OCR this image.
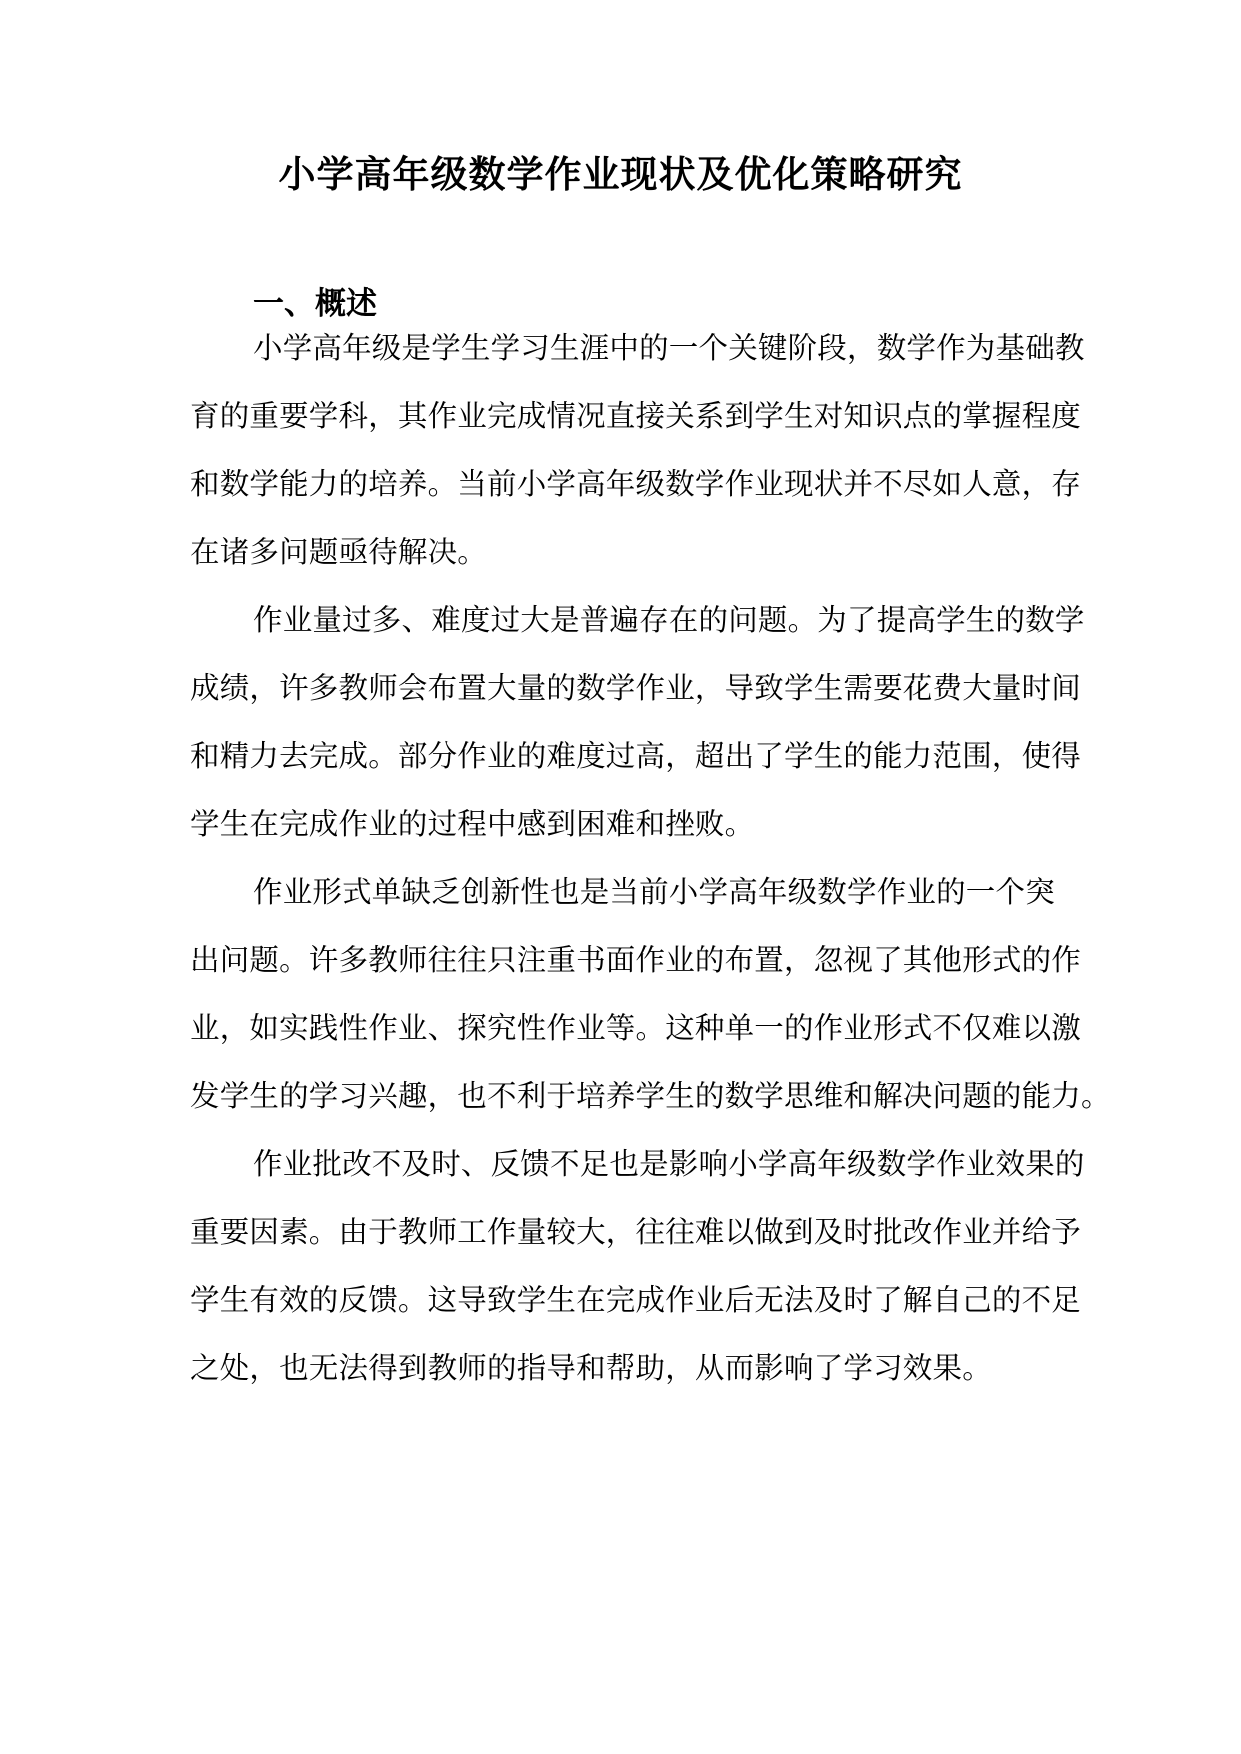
小学高年级数学作业现状及优化策略研究
一、概述
小学高年级是学生学习生涯中的一个关键阶段，数学作为基础教
育的重要学科，其作业完成情况直接关系到学生对知识点的掌握程度
和数学能力的培养。当前小学高年级数学作业现状并不尽如人意，存
在诸多问题亟待解决。
作业量过多、难度过大是普遍存在的问题。为了提高学生的数学
成绩，许多教师会布置大量的数学作业，导致学生需要花费大量时间
和精力去完成。部分作业的难度过高，超出了学生的能力范围，使得
学生在完成作业的过程中感到困难和挫败。
作业形式单缺乏创新性也是当前小学高年级数学作业的一个突
出问题。许多教师往往只注重书面作业的布置，忽视了其他形式的作
业，如实践性作业、探究性作业等。这种单一的作业形式不仅难以激
发学生的学习兴趣，也不利于培养学生的数学思维和解决问题的能力。
作业批改不及时、反馈不足也是影响小学高年级数学作业效果的
重要因素。由于教师工作量较大，往往难以做到及时批改作业并给予
学生有效的反馈。这导致学生在完成作业后无法及时了解自己的不足
之处，也无法得到教师的指导和帮助，从而影响了学习效果。
